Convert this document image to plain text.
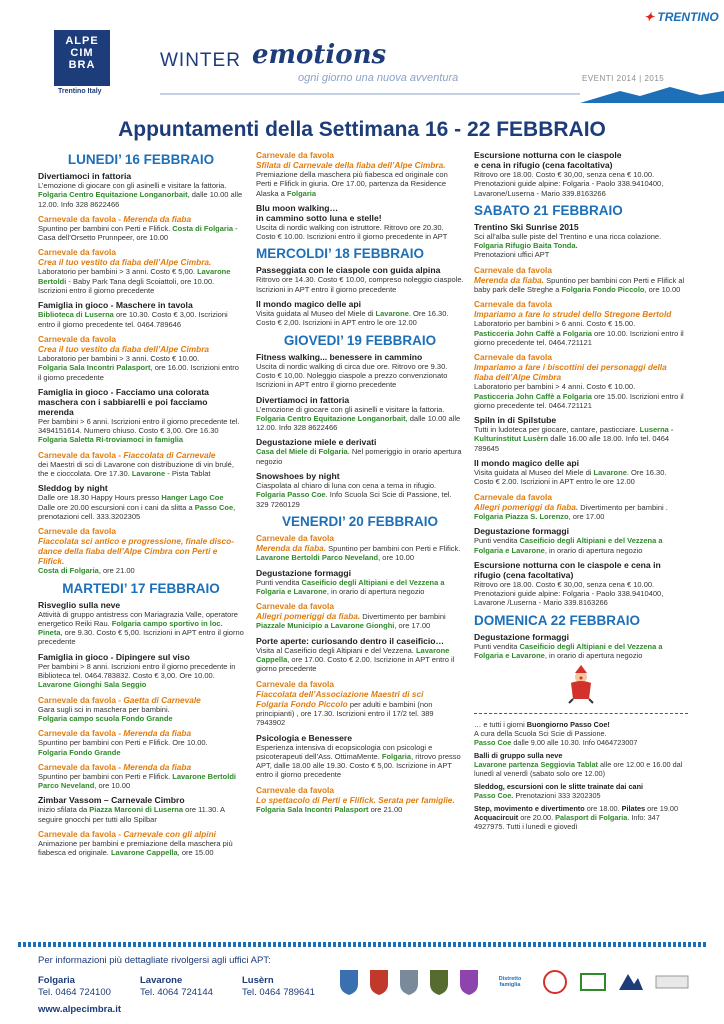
ALPE
CIM
BRA
Trentino Italy
WINTER emotions
ogni giorno una nuova avventura	EVENTI 2014 | 2015
✦ TRENTINO
Appuntamenti della Settimana 16 - 22 FEBBRAIO
LUNEDI’ 16 FEBBRAIO
Divertiamoci in fattoria
L’emozione di giocare con gli asinelli e visitare la fattoria. Folgaria Centro Equitazione Longanorbait, dalle 10.00 alle 12.00. Info 328 8622466
Carnevale da favola - Merenda da fiaba
Spuntino per bambini con Perti e Flifick. Costa di Folgaria - Casa dell’Orsetto Prunnpeer, ore 10.00
Carnevale da favola
Crea il tuo vestito da fiaba dell’Alpe Cimbra.
Laboratorio per bambini > 3 anni. Costo € 5,00. Lavarone Bertoldi - Baby Park Tana degli Scoiattoli, ore 10.00. Iscrizioni entro il giorno precedente
Famiglia in gioco - Maschere in tavola
Biblioteca di Luserna ore 10.30. Costo € 3,00. Iscrizioni entro il giorno precedente tel. 0464.789646
Carnevale da favola
Crea il tuo vestito da fiaba dell’Alpe Cimbra
Laboratorio per bambini > 3 anni. Costo € 10.00.
Folgaria Sala Incontri Palasport, ore 16.00. Iscrizioni entro il giorno precedente
Famiglia in gioco - Facciamo una colorata maschera con i sabbiarelli e poi facciamo merenda
Per bambini > 6 anni. Iscrizioni entro il giorno precedente tel. 3494151614. Numero chiuso. Costo € 3,00. Ore 16.30
Folgaria Saletta Ri-troviamoci in famiglia
Carnevale da favola - Fiaccolata di Carnevale
dei Maestri di sci di Lavarone con distribuzione di vin brulé, the e cioccolata. Ore 17.30. Lavarone - Pista Tablat
Sleddog by night
Dalle ore 18.30 Happy Hours presso Hanger Lago Coe
Dalle ore 20.00 escursioni con i cani da slitta a Passo Coe, prenotazioni cell. 333.3202305
Carnevale da favola
Fiaccolata sci antico e progressione, finale disco-dance della fiaba dell’Alpe Cimbra con Perti e Flifick.
Costa di Folgaria, ore 21.00
MARTEDI’ 17 FEBBRAIO
Risveglio sulla neve
Attività di gruppo antistress con Mariagrazia Valle, operatore energetico Reiki Rau. Folgaria campo sportivo in loc. Pineta, ore 9.30. Costo € 5,00. Iscrizioni in APT entro il giorno precedente
Famiglia in gioco - Dipingere sul viso
Per bambini > 8 anni. Iscrizioni entro il giorno precedente in Biblioteca tel. 0464.783832. Costo € 3,00. Ore 10.00.
Lavarone Gionghi Sala Seggio
Carnevale da favola - Gaetta di Carnevale
Gara sugli sci in maschera per bambini.
Folgaria campo scuola Fondo Grande
Carnevale da favola - Merenda da fiaba
Spuntino per bambini con Perti e Flifick. Ore 10.00.
Folgaria Fondo Grande
Carnevale da favola - Merenda da fiaba
Spuntino per bambini con Perti e Flifick. Lavarone Bertoldi Parco Neveland, ore 10.00
Zimbar Vassom – Carnevale Cimbro
inizio sfilata da Piazza Marconi di Luserna ore 11.30. A seguire gnocchi per tutti allo Spilbar
Carnevale da favola - Carnevale con gli alpini
Animazione per bambini e premiazione della maschera più fiabesca ed originale. Lavarone Cappella, ore 15.00
Carnevale da favola
Sfilata di Carnevale della fiaba dell’Alpe Cimbra.
Premiazione della maschera più fiabesca ed originale con Perti e Flifick in giuria. Ore 17.00, partenza da Residence Alaska a Folgaria
Blu moon walking…
in cammino sotto luna e stelle!
Uscita di nordic walking con istruttore. Ritrovo ore 20.30. Costo € 10.00. Iscrizioni entro il giorno precedente in APT
MERCOLDI’ 18 FEBBRAIO
Passeggiata con le ciaspole con guida alpina
Ritrovo ore 14.30. Costo € 10.00, compreso noleggio ciaspole. Iscrizioni in APT entro il giorno precedente
Il mondo magico delle api
Visita guidata al Museo del Miele di Lavarone. Ore 16.30. Costo € 2,00. Iscrizioni in APT entro le ore 12.00
GIOVEDI’ 19 FEBBRAIO
Fitness walking... benessere in cammino
Uscita di nordic walking di circa due ore. Ritrovo ore 9.30. Costo € 10,00. Noleggio ciaspole a prezzo convenzionato Iscrizioni in APT entro il giorno precedente
Divertiamoci in fattoria
L’emozione di giocare con gli asinelli e visitare la fattoria.
Folgaria Centro Equitazione Longanorbait, dalle 10.00 alle 12.00. Info 328 8622466
Degustazione miele e derivati
Casa del Miele di Folgaria. Nel pomeriggio in orario apertura negozio
Snowshoes by night
Ciaspolata al chiaro di luna con cena a tema in rifugio.
Folgaria Passo Coe. Info Scuola Sci Scie di Passione, tel. 329 7260129
VENERDI’ 20 FEBBRAIO
Carnevale da favola
Merenda da fiaba. Spuntino per bambini con Perti e Flifick. Lavarone Bertoldi Parco Neveland, ore 10.00
Degustazione formaggi
Punti vendita Caseificio degli Altipiani e del Vezzena a Folgaria e Lavarone, in orario di apertura negozio
Carnevale da favola
Allegri pomeriggi da fiaba. Divertimento per bambini
Piazzale Municipio a Lavarone Gionghi, ore 17.00
Porte aperte: curiosando dentro il caseificio…
Visita al Caseificio degli Altipiani e del Vezzena. Lavarone Cappella, ore 17.00. Costo € 2.00. Iscrizione in APT entro il giorno precedente
Carnevale da favola
Fiaccolata dell’Associazione Maestri di sci
Folgaria Fondo Piccolo per adulti e bambini (non principianti) , ore 17.30. Iscrizioni entro il 17/2 tel. 389 7943902
Psicologia e Benessere
Esperienza intensiva di ecopsicologia con psicologi e psicoterapeuti dell’Ass. OttimaMente. Folgaria, ritrovo presso APT, dalle 18.00 alle 19.30. Costo € 5,00. Iscrizione in APT entro il giorno precedente
Carnevale da favola
Lo spettacolo di Perti e Flifick. Serata per famiglie.
Folgaria Sala Incontri Palasport ore 21.00
Escursione notturna con le ciaspole
e cena in rifugio (cena facoltativa)
Ritrovo ore 18.00. Costo € 30,00, senza cena € 10.00. Prenotazioni guide alpine: Folgaria - Paolo 338.9410400, Lavarone/Luserna - Mario 339.8163266
SABATO 21 FEBBRAIO
Trentino Ski Sunrise 2015
Sci all’alba sulle piste del Trentino e una ricca colazione. Folgaria Rifugio Baita Tonda.
Prenotazioni uffici APT
Carnevale da favola
Merenda da fiaba. Spuntino per bambini con Perti e Flifick al baby park delle Streghe a Folgaria Fondo Piccolo, ore 10.00
Carnevale da favola
Impariamo a fare lo strudel dello Stregone Bertold
Laboratorio per bambini > 6 anni. Costo € 15.00.
Pasticceria John Caffè a Folgaria ore 10.00. Iscrizioni entro il giorno precedente tel. 0464.721121
Carnevale da favola
Impariamo a fare i biscottini dei personaggi della fiaba dell’Alpe Cimbra
Laboratorio per bambini > 4 anni. Costo € 10.00.
Pasticceria John Caffè a Folgaria ore 15.00. Iscrizioni entro il giorno precedente tel. 0464.721121
Spiln in di Spilstube
Tutti in ludoteca per giocare, cantare, pasticciare. Luserna - Kulturinstitut Lusèrn dalle 16.00 alle 18.00. Info tel. 0464 789645
Il mondo magico delle api
Visita guidata al Museo del Miele di Lavarone. Ore 16.30. Costo € 2.00. Iscrizioni in APT entro le ore 12.00
Carnevale da favola
Allegri pomeriggi da fiaba. Divertimento per bambini .
Folgaria Piazza S. Lorenzo, ore 17.00
Degustazione formaggi
Punti vendita Caseificio degli Altipiani e del Vezzena a Folgaria e Lavarone, in orario di apertura negozio
Escursione notturna con le ciaspole e cena in rifugio (cena facoltativa)
Ritrovo ore 18.00. Costo € 30,00, senza cena € 10.00. Prenotazioni guide alpine: Folgaria - Paolo 338.9410400, Lavarone /Luserna - Mario 339.8163266
DOMENICA 22 FEBBRAIO
Degustazione formaggi
Punti vendita Caseificio degli Altipiani e del Vezzena a Folgaria e Lavarone, in orario di apertura negozio
… e tutti i giorni Buongiorno Passo Coe!
A cura della Scuola Sci Scie di Passione.
Passo Coe dalle 9.00 alle 10.30. Info 0464723007
Balli di gruppo sulla neve
Lavarone partenza Seggiovia Tablat alle ore 12.00 e 16.00 dal lunedì al venerdì (sabato solo ore 12.00)
Sleddog, escursioni con le slitte trainate dai cani
Passo Coe. Prenotazioni 333 3202305
Step, movimento e divertimento ore 18.00. Pilates ore 19.00
Acquacircuit ore 20.00. Palasport di Folgaria. Info: 347 4927975. Tutti i lunedì e giovedì
Per informazioni più dettagliate rivolgersi agli uffici APT:
Folgaria
Tel. 0464 724100
Lavarone
Tel. 4064 724144
Lusèrn
Tel. 0464 789641
www.alpecimbra.it
Distretto famiglia
